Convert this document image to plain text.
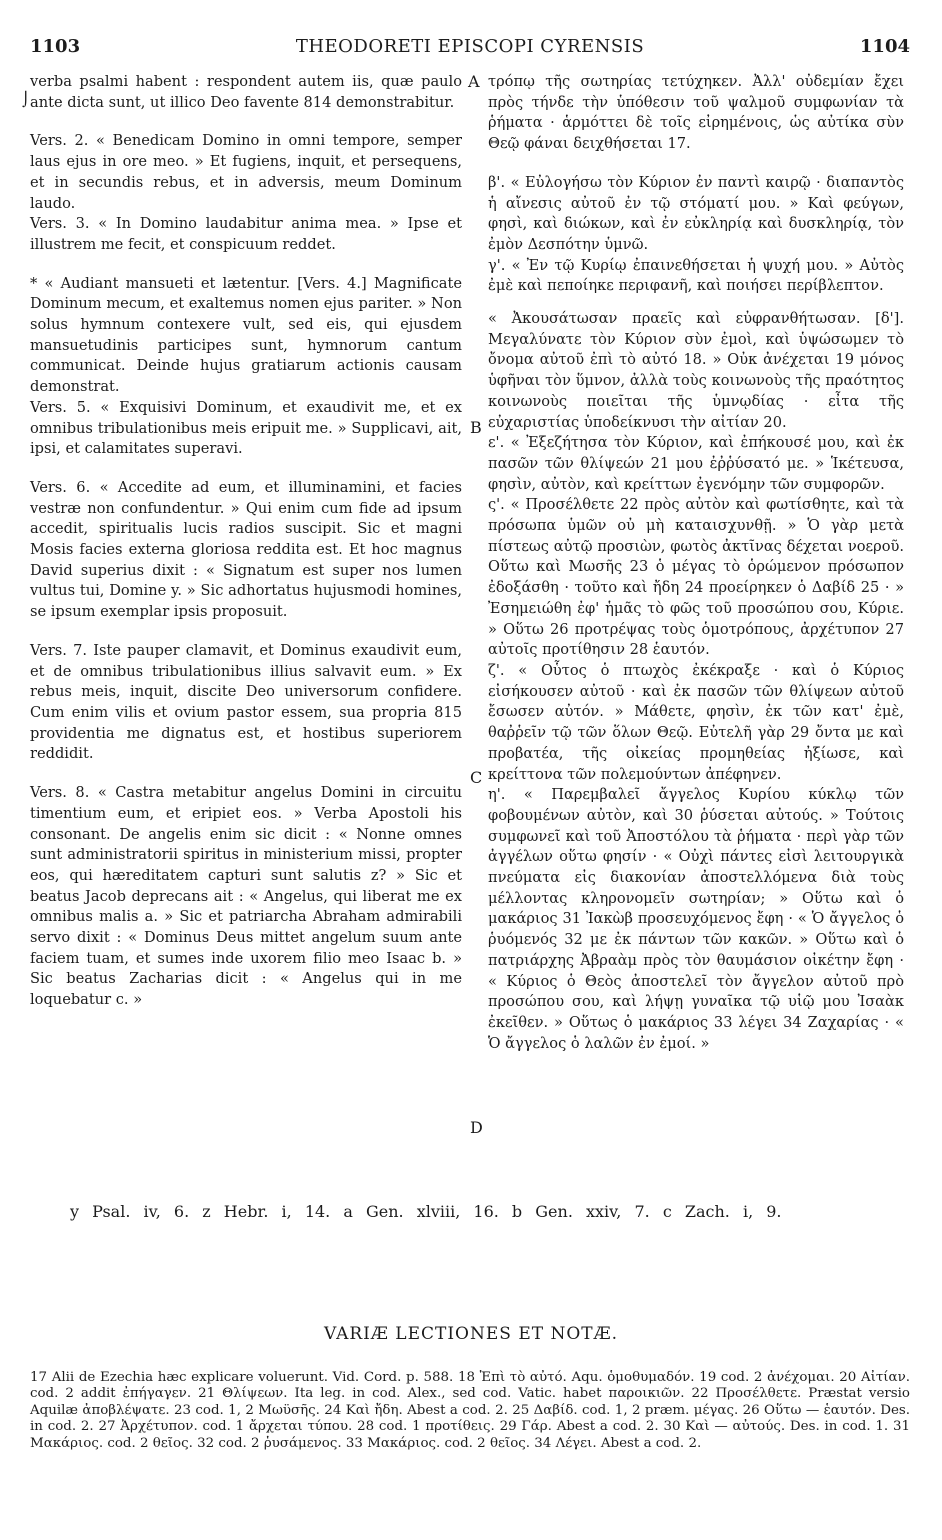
1103	THEODORETI EPISCOPI CYRENSIS	1104
⌡
A
B
C
D

verba psalmi habent : respondent autem iis, quæ paulo ante dicta sunt, ut illico Deo favente 814 demonstrabitur.

Vers. 2. « Benedicam Domino in omni tempore, semper laus ejus in ore meo. » Et fugiens, inquit, et persequens, et in secundis rebus, et in adversis, meum Dominum laudo.

Vers. 3. « In Domino laudabitur anima mea. » Ipse et illustrem me fecit, et conspicuum reddet.

* « Audiant mansueti et lætentur. [Vers. 4.] Magnificate Dominum mecum, et exaltemus nomen ejus pariter. » Non solus hymnum contexere vult, sed eis, qui ejusdem mansuetudinis participes sunt, hymnorum cantum communicat. Deinde hujus gratiarum actionis causam demonstrat.

Vers. 5. « Exquisivi Dominum, et exaudivit me, et ex omnibus tribulationibus meis eripuit me. » Supplicavi, ait, ipsi, et calamitates superavi.

Vers. 6. « Accedite ad eum, et illuminamini, et facies vestræ non confundentur. » Qui enim cum fide ad ipsum accedit, spiritualis lucis radios suscipit. Sic et magni Mosis facies externa gloriosa reddita est. Et hoc magnus David superius dixit : « Signatum est super nos lumen vultus tui, Domine y. » Sic adhortatus hujusmodi homines, se ipsum exemplar ipsis proposuit.

Vers. 7. Iste pauper clamavit, et Dominus exaudivit eum, et de omnibus tribulationibus illius salvavit eum. » Ex rebus meis, inquit, discite Deo universorum confidere. Cum enim vilis et ovium pastor essem, sua propria 815 providentia me dignatus est, et hostibus superiorem reddidit.

Vers. 8. « Castra metabitur angelus Domini in circuitu timentium eum, et eripiet eos. » Verba Apostoli his consonant. De angelis enim sic dicit : « Nonne omnes sunt administratorii spiritus in ministerium missi, propter eos, qui hæreditatem capturi sunt salutis z? » Sic et beatus Jacob deprecans ait : « Angelus, qui liberat me ex omnibus malis a. » Sic et patriarcha Abraham admirabili servo dixit : « Dominus Deus mittet angelum suum ante faciem tuam, et sumes inde uxorem filio meo Isaac b. » Sic beatus Zacharias dicit : « Angelus qui in me loquebatur c. »

τρόπῳ τῆς σωτηρίας τετύχηκεν. Ἀλλ' οὐδεμίαν ἔχει πρὸς τήνδε τὴν ὑπόθεσιν τοῦ ψαλμοῦ συμφωνίαν τὰ ῥήματα · ἁρμόττει δὲ τοῖς εἰρημένοις, ὡς αὐτίκα σὺν Θεῷ φάναι δειχθήσεται 17.

β'. « Εὐλογήσω τὸν Κύριον ἐν παντὶ καιρῷ · διαπαντὸς ἡ αἴνεσις αὐτοῦ ἐν τῷ στόματί μου. » Καὶ φεύγων, φησὶ, καὶ διώκων, καὶ ἐν εὐκληρίᾳ καὶ δυσκληρίᾳ, τὸν ἐμὸν Δεσπότην ὑμνῶ.

γ'. « Ἐν τῷ Κυρίῳ ἐπαινεθήσεται ἡ ψυχή μου. » Αὐτὸς ἐμὲ καὶ πεποίηκε περιφανῆ, καὶ ποιήσει περίβλεπτον.

« Ἀκουσάτωσαν πραεῖς καὶ εὐφρανθήτωσαν. [δ']. Μεγαλύνατε τὸν Κύριον σὺν ἐμοὶ, καὶ ὑψώσωμεν τὸ ὄνομα αὐτοῦ ἐπὶ τὸ αὐτό 18. » Οὐκ ἀνέχεται 19 μόνος ὑφῆναι τὸν ὕμνον, ἀλλὰ τοὺς κοινωνοὺς τῆς πραότητος κοινωνοὺς ποιεῖται τῆς ὑμνῳδίας · εἶτα τῆς εὐχαριστίας ὑποδείκνυσι τὴν αἰτίαν 20.

ε'. « Ἐξεζήτησα τὸν Κύριον, καὶ ἐπήκουσέ μου, καὶ ἐκ πασῶν τῶν θλίψεών 21 μου ἐῤῥύσατό με. » Ἱκέτευσα, φησὶν, αὐτὸν, καὶ κρείττων ἐγενόμην τῶν συμφορῶν.

ς'. « Προσέλθετε 22 πρὸς αὐτὸν καὶ φωτίσθητε, καὶ τὰ πρόσωπα ὑμῶν οὐ μὴ καταισχυνθῇ. » Ὁ γὰρ μετὰ πίστεως αὐτῷ προσιὼν, φωτὸς ἀκτῖνας δέχεται νοεροῦ. Οὕτω καὶ Μωσῆς 23 ὁ μέγας τὸ ὁρώμενον πρόσωπον ἐδοξάσθη · τοῦτο καὶ ἤδη 24 προείρηκεν ὁ Δαβίδ 25 · » Ἐσημειώθη ἐφ' ἡμᾶς τὸ φῶς τοῦ προσώπου σου, Κύριε. » Οὕτω 26 προτρέψας τοὺς ὁμοτρόπους, ἀρχέτυπον 27 αὐτοῖς προτίθησιν 28 ἑαυτόν.

ζ'. « Οὗτος ὁ πτωχὸς ἐκέκραξε · καὶ ὁ Κύριος εἰσήκουσεν αὐτοῦ · καὶ ἐκ πασῶν τῶν θλίψεων αὐτοῦ ἔσωσεν αὐτόν. » Μάθετε, φησὶν, ἐκ τῶν κατ' ἐμὲ, θαῤῥεῖν τῷ τῶν ὅλων Θεῷ. Εὐτελῆ γὰρ 29 ὄντα με καὶ προβατέα, τῆς οἰκείας προμηθείας ἠξίωσε, καὶ κρείττονα τῶν πολεμούντων ἀπέφηνεν.

η'. « Παρεμβαλεῖ ἄγγελος Κυρίου κύκλῳ τῶν φοβουμένων αὐτὸν, καὶ 30 ῥύσεται αὐτούς. » Τούτοις συμφωνεῖ καὶ τοῦ Ἀποστόλου τὰ ῥήματα · περὶ γὰρ τῶν ἀγγέλων οὕτω φησίν · « Οὐχὶ πάντες εἰσὶ λειτουργικὰ πνεύματα εἰς διακονίαν ἀποστελλόμενα διὰ τοὺς μέλλοντας κληρονομεῖν σωτηρίαν; » Οὕτω καὶ ὁ μακάριος 31 Ἰακὼβ προσευχόμενος ἔφη · « Ὁ ἄγγελος ὁ ῥυόμενός 32 με ἐκ πάντων τῶν κακῶν. » Οὕτω καὶ ὁ πατριάρχης Ἀβραὰμ πρὸς τὸν θαυμάσιον οἰκέτην ἔφη · « Κύριος ὁ Θεὸς ἀποστελεῖ τὸν ἄγγελον αὐτοῦ πρὸ προσώπου σου, καὶ λήψῃ γυναῖκα τῷ υἱῷ μου Ἰσαὰκ ἐκεῖθεν. » Οὕτως ὁ μακάριος 33 λέγει 34 Ζαχαρίας · « Ὁ ἄγγελος ὁ λαλῶν ἐν ἐμοί. »

y Psal. iv, 6. z Hebr. i, 14. a Gen. xlviii, 16. b Gen. xxiv, 7. c Zach. i, 9.
VARIÆ LECTIONES ET NOTÆ.

17 Alii de Ezechia hæc explicare voluerunt. Vid. Cord. p. 588. 18 Ἐπὶ τὸ αὐτό. Aqu. ὁμοθυμαδόν. 19 cod. 2 ἀνέχομαι. 20 Αἰτίαν. cod. 2 addit ἐπήγαγεν. 21 Θλίψεων. Ita leg. in cod. Alex., sed cod. Vatic. habet παροικιῶν. 22 Προσέλθετε. Præstat versio Aquilæ ἀποβλέψατε. 23 cod. 1, 2 Μωϋσῆς. 24 Καὶ ἤδη. Abest a cod. 2. 25 Δαβίδ. cod. 1, 2 præm. μέγας. 26 Οὕτω — ἑαυτόν. Des. in cod. 2. 27 Ἀρχέτυπον. cod. 1 ἄρχεται τύπου. 28 cod. 1 προτίθεις. 29 Γάρ. Abest a cod. 2. 30 Καὶ — αὐτούς. Des. in cod. 1. 31 Μακάριος. cod. 2 θεῖος. 32 cod. 2 ῥυσάμενος. 33 Μακάριος. cod. 2 θεῖος. 34 Λέγει. Abest a cod. 2.
